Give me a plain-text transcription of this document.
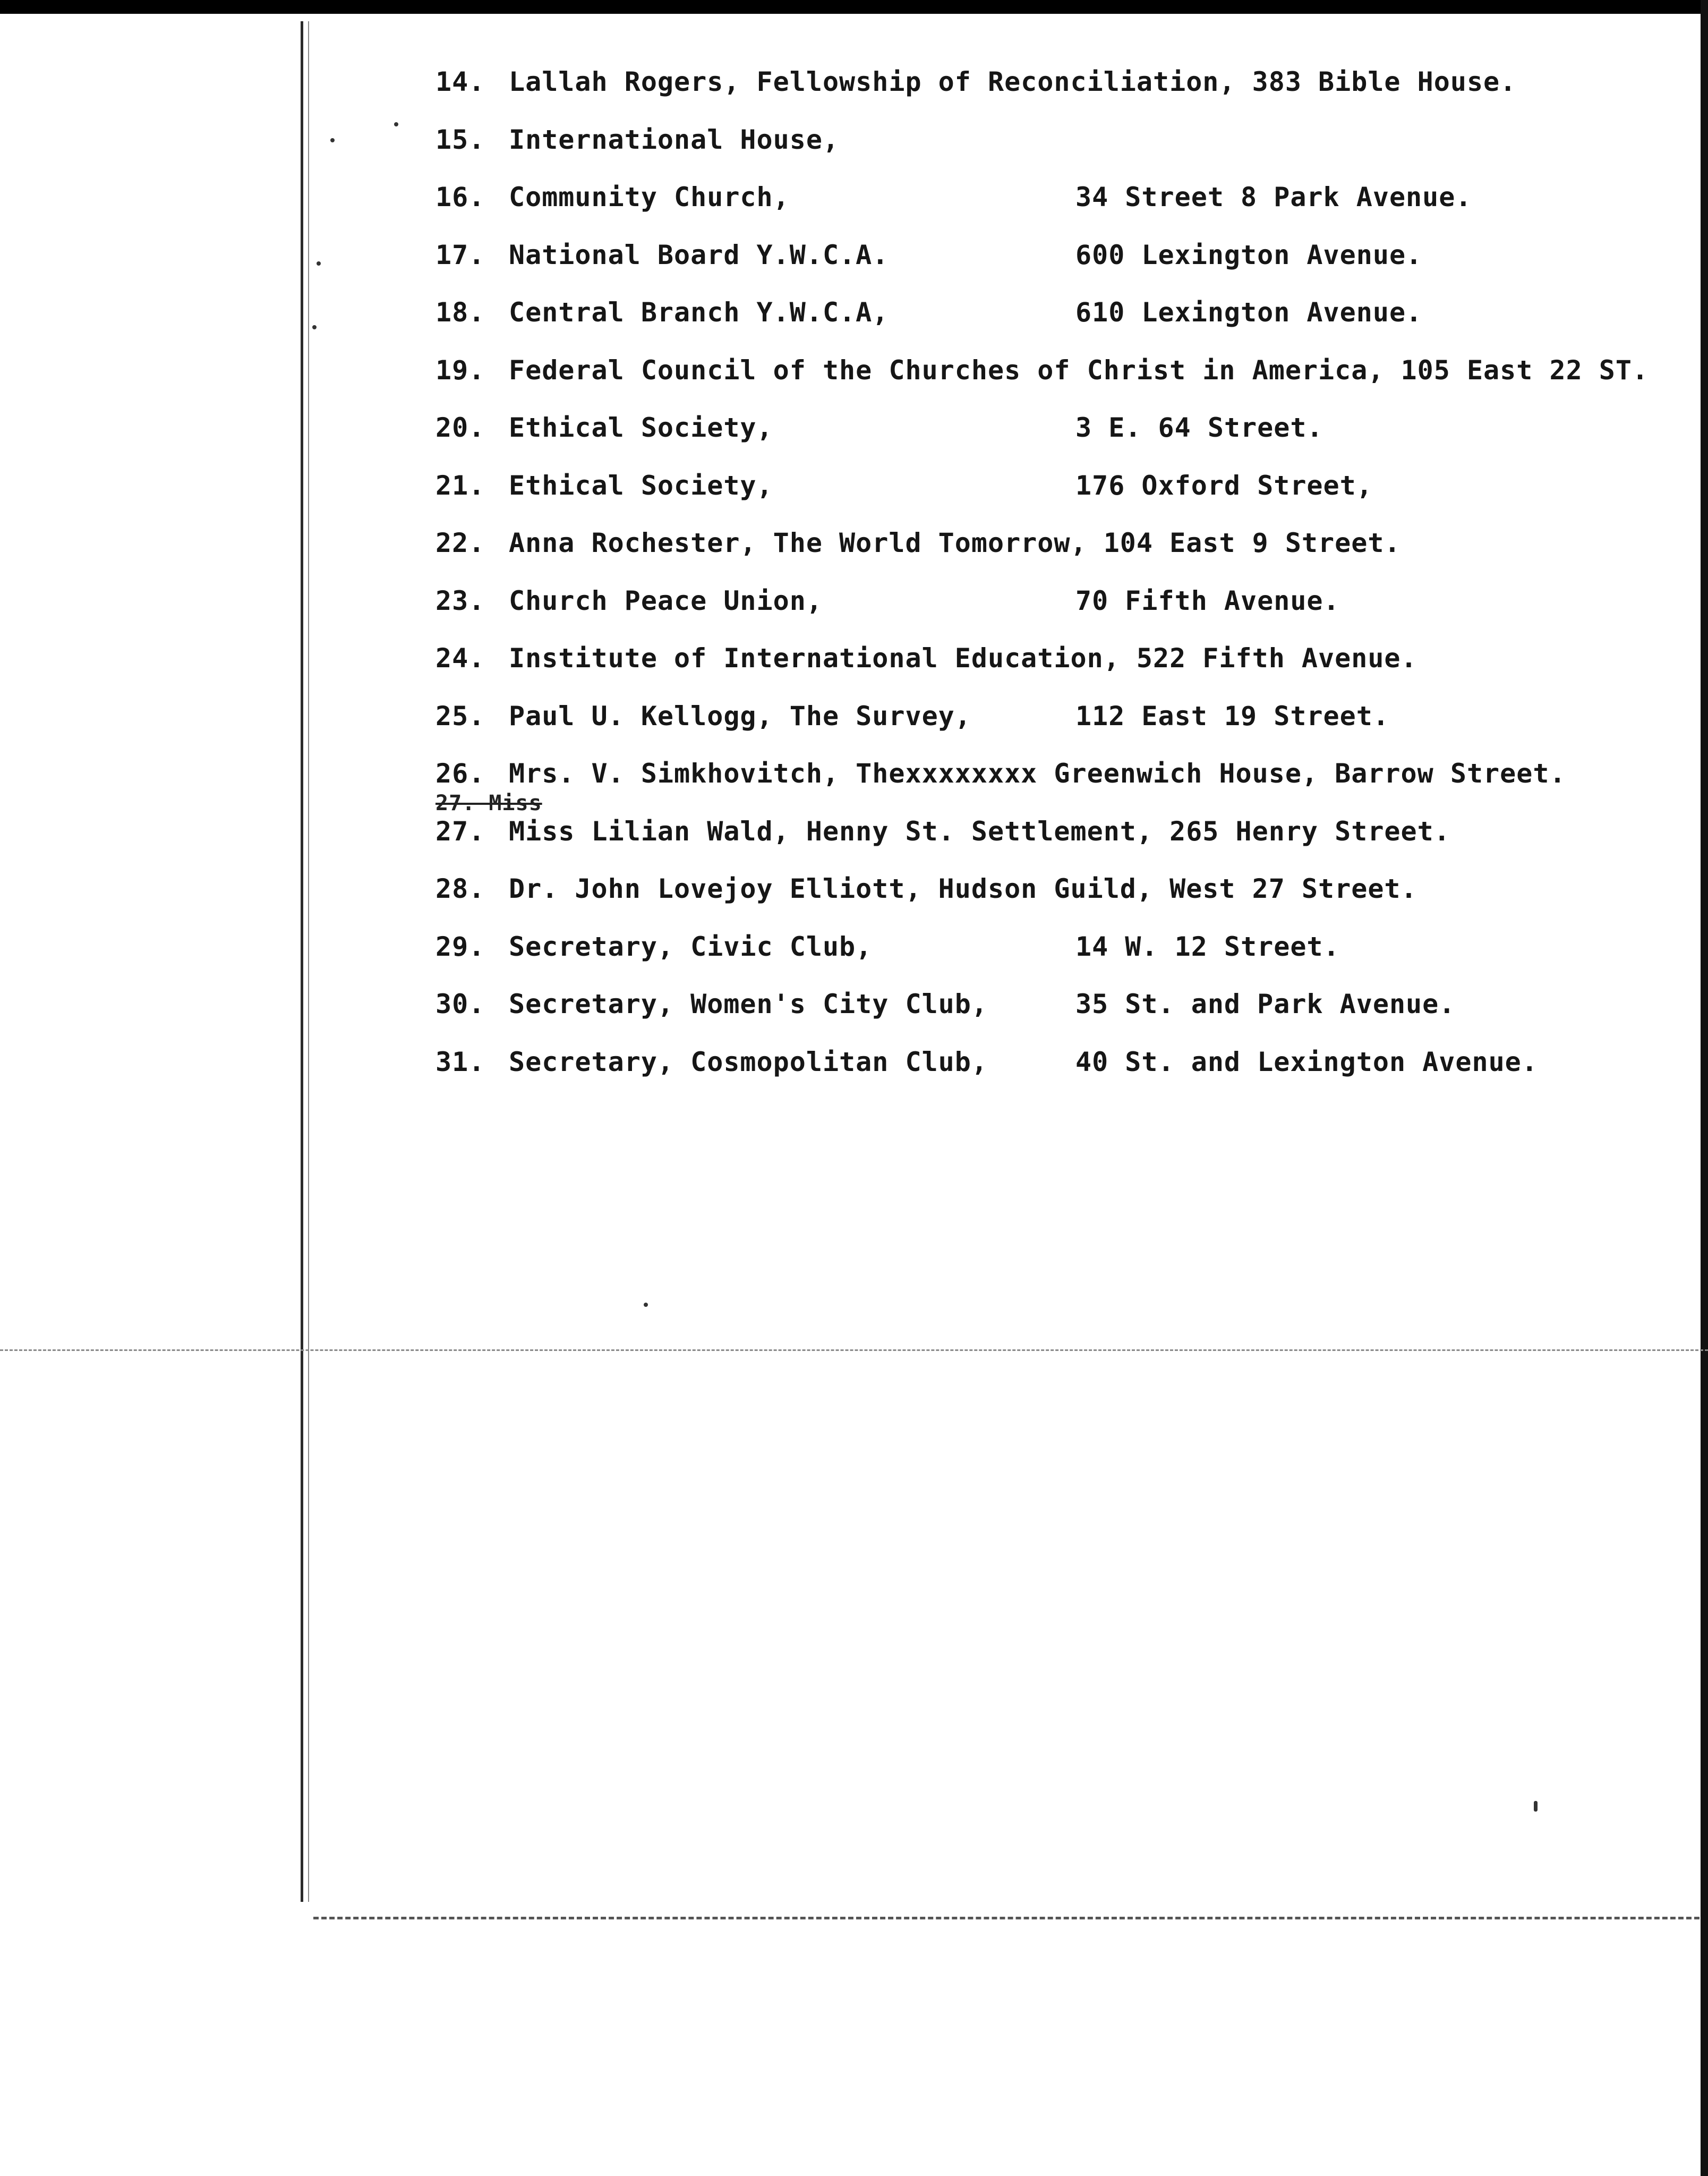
14. Lallah Rogers, Fellowship of Reconciliation, 383 Bible House.
15. International House,
16. Community Church,	34 Street 8 Park Avenue.
17. National Board Y.W.C.A.	600 Lexington Avenue.
18. Central Branch Y.W.C.A,	610 Lexington Avenue.
19. Federal Council of the Churches of Christ in America, 105 East 22 ST.
20. Ethical Society,	3 E. 64 Street.
21. Ethical Society,	176 Oxford Street,
22. Anna Rochester, The World Tomorrow, 104 East 9 Street.
23. Church Peace Union,	70 Fifth Avenue.
24. Institute of International Education, 522 Fifth Avenue.
25. Paul U. Kellogg, The Survey,	112 East 19 Street.
26. Mrs. V. Simkhovitch, Thexxxxxxxx Greenwich House, Barrow Street.
27. Miss
27. Miss Lilian Wald, Henny St. Settlement, 265 Henry Street.
28. Dr. John Lovejoy Elliott, Hudson Guild, West 27 Street.
29. Secretary, Civic Club,	14 W. 12 Street.
30. Secretary, Women's City Club,	35 St. and Park Avenue.
31. Secretary, Cosmopolitan Club,	40 St. and Lexington Avenue.
